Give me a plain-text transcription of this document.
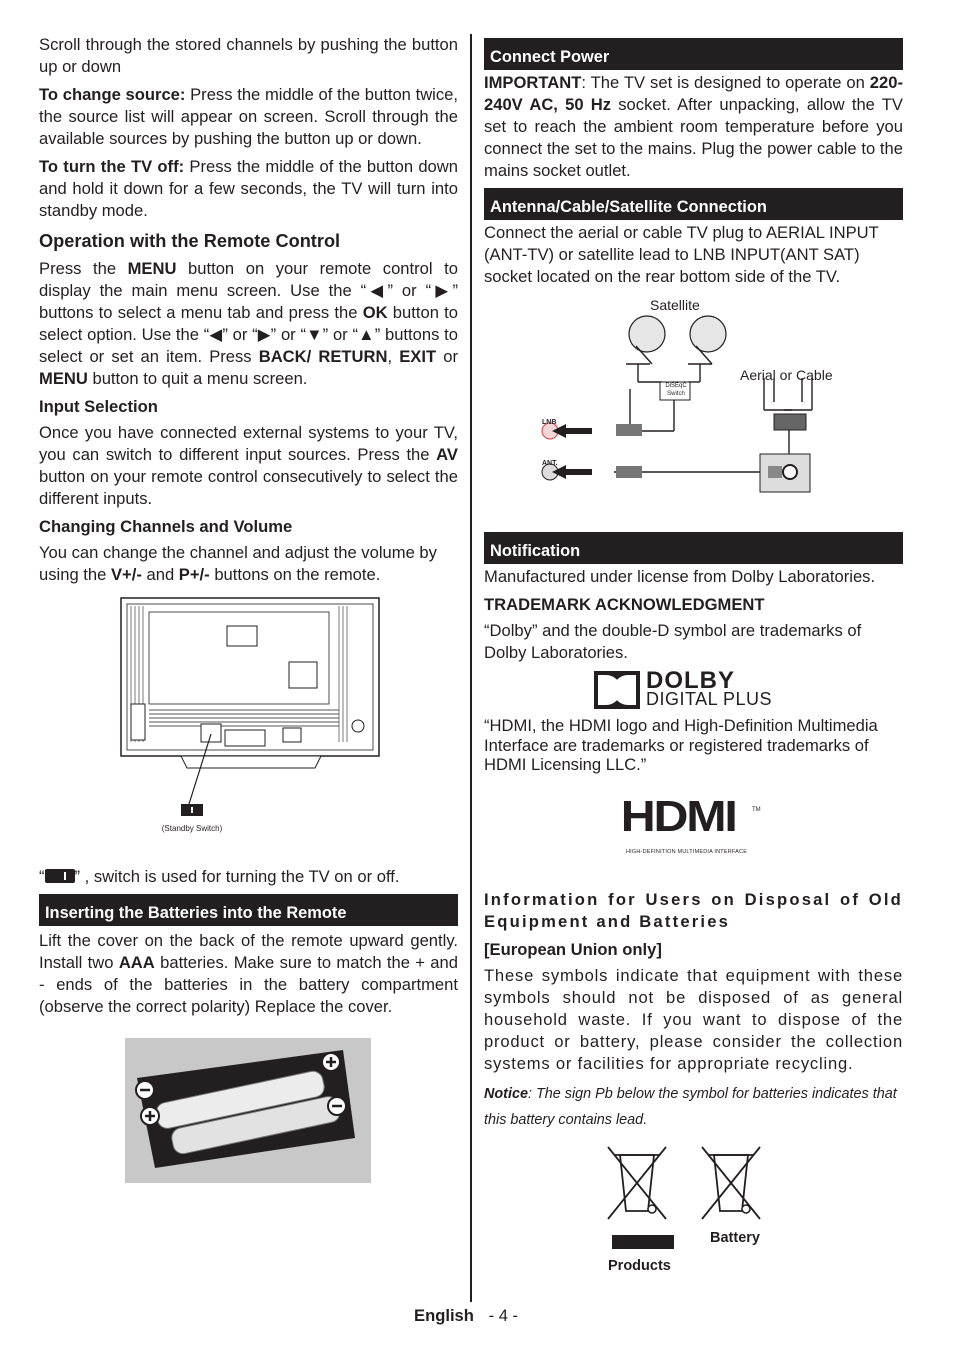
Scroll through the stored channels by pushing the button up or down

To change source: Press the middle of the button twice, the source list will appear on screen. Scroll through the available sources by pushing the button up or down.

To turn the TV off: Press the middle of the button down and hold it down for a few seconds, the TV will turn into standby mode.

Operation with the Remote Control

Press the MENU button on your remote control to display the main menu screen. Use the “◀” or “▶” buttons to select a menu tab and press the OK button to select option. Use the “◀” or “▶” or “▼” or “▲” buttons to select or set an item. Press BACK/ RETURN, EXIT or MENU button to quit a menu screen.

Input Selection

Once you have connected external systems to your TV, you can switch to different input sources. Press the AV button on your remote control consecutively to select the different inputs.

Changing Channels and Volume

You can change the channel and adjust the volume by using the V+/- and P+/- buttons on the remote.

(Standby Switch)

“ ” , switch is used for turning the TV on or off.

Inserting the Batteries into the Remote

Lift the cover on the back of the remote upward gently. Install two AAA batteries. Make sure to match the + and - ends of the batteries in the battery compartment (observe the correct polarity) Replace the cover.

Connect Power

IMPORTANT: The TV set is designed to operate on 220-240V AC, 50 Hz socket. After unpacking, allow the TV set to reach the ambient room temperature before you connect the set to the mains. Plug the power cable to the mains socket outlet.

Antenna/Cable/Satellite Connection

Connect the aerial or cable TV plug to AERIAL INPUT (ANT-TV) or satellite lead to LNB INPUT(ANT SAT) socket located on the rear bottom side of the TV.

Satellite
Aerial or Cable
DiSEqC
Switch
LNB
ANT.
Notification

Manufactured under license from Dolby Laboratories.

TRADEMARK ACKNOWLEDGMENT

“Dolby” and the double-D symbol are trademarks of Dolby Laboratories.

DOLBY
DIGITAL PLUS

“HDMI, the HDMI logo and High-Definition Multimedia Interface are trademarks or registered trademarks of HDMI Licensing LLC.”

HDMI	TM
HIGH-DEFINITION MULTIMEDIA INTERFACE
Information for Users on Disposal of Old Equipment and Batteries
[European Union only]

These symbols indicate that equipment with these symbols should not be disposed of as general household waste. If you want to dispose of the product or battery, please consider the collection systems or facilities for appropriate recycling.

Notice: The sign Pb below the symbol for batteries indicates that this battery contains lead.

Battery
Products
English - 4 -
